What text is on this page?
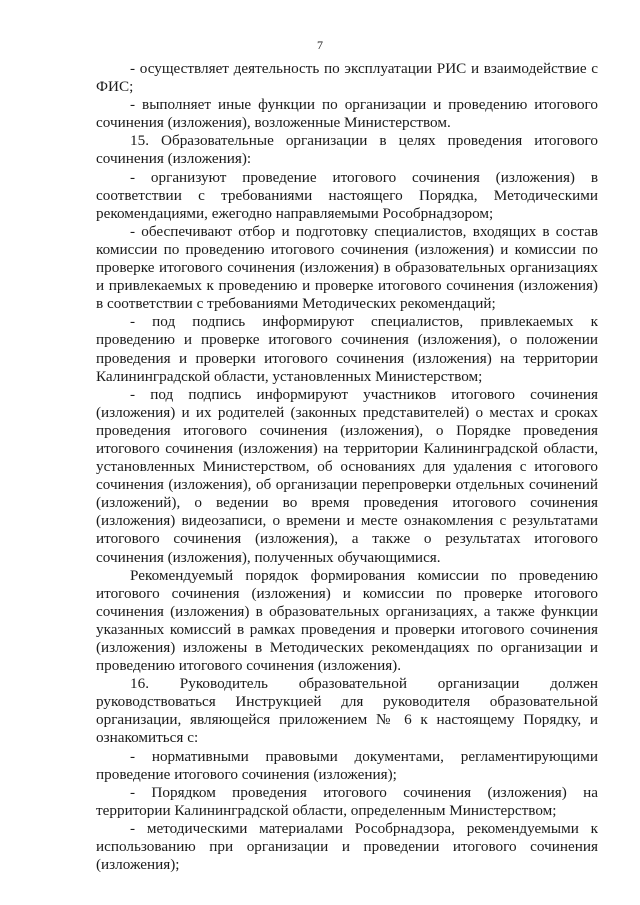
7

- осуществляет деятельность по эксплуатации РИС и взаимодействие с ФИС;

- выполняет иные функции по организации и проведению итогового сочинения (изложения), возложенные Министерством.

15. Образовательные организации в целях проведения итогового сочинения (изложения):

- организуют проведение итогового сочинения (изложения) в соответствии с требованиями настоящего Порядка, Методическими рекомендациями, ежегодно направляемыми Рособрнадзором;

- обеспечивают отбор и подготовку специалистов, входящих в состав комиссии по проведению итогового сочинения (изложения) и комиссии по проверке итогового сочинения (изложения) в образовательных организациях и привлекаемых к проведению и проверке итогового сочинения (изложения) в соответствии с требованиями Методических рекомендаций;

- под подпись информируют специалистов, привлекаемых к проведению и проверке итогового сочинения (изложения), о положении проведения и проверки итогового сочинения (изложения) на территории Калининградской области, установленных Министерством;

- под подпись информируют участников итогового сочинения (изложения) и их родителей (законных представителей) о местах и сроках проведения итогового сочинения (изложения), о Порядке проведения итогового сочинения (изложения) на территории Калининградской области, установленных Министерством, об основаниях для удаления с итогового сочинения (изложения), об организации перепроверки отдельных сочинений (изложений), о ведении во время проведения итогового сочинения (изложения) видеозаписи, о времени и месте ознакомления с результатами итогового сочинения (изложения), а также о результатах итогового сочинения (изложения), полученных обучающимися.

Рекомендуемый порядок формирования комиссии по проведению итогового сочинения (изложения) и комиссии по проверке итогового сочинения (изложения) в образовательных организациях, а также функции указанных комиссий в рамках проведения и проверки итогового сочинения (изложения) изложены в Методических рекомендациях по организации и проведению итогового сочинения (изложения).

16. Руководитель образовательной организации должен руководствоваться Инструкцией для руководителя образовательной организации, являющейся приложением № 6 к настоящему Порядку, и ознакомиться с:

- нормативными правовыми документами, регламентирующими проведение итогового сочинения (изложения);

- Порядком проведения итогового сочинения (изложения) на территории Калининградской области, определенным Министерством;

- методическими материалами Рособрнадзора, рекомендуемыми к использованию при организации и проведении итогового сочинения (изложения);
